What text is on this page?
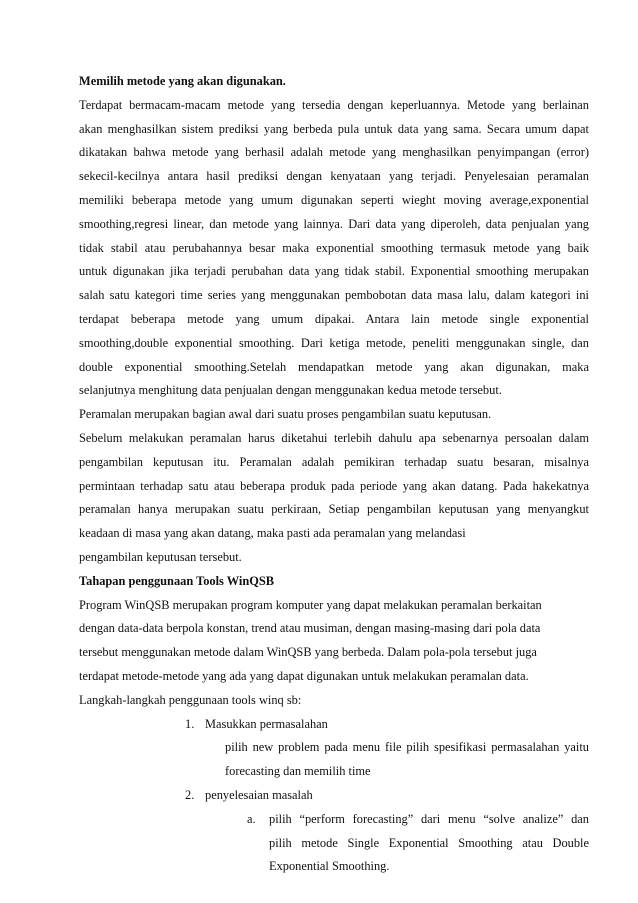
Memilih metode yang akan digunakan.
Terdapat bermacam-macam metode yang tersedia dengan keperluannya. Metode yang berlainan
akan menghasilkan sistem prediksi yang berbeda pula untuk data yang sama. Secara umum dapat
dikatakan bahwa metode yang berhasil adalah metode yang menghasilkan penyimpangan (error)
sekecil-kecilnya antara hasil prediksi dengan kenyataan yang terjadi. Penyelesaian peramalan
memiliki beberapa metode yang umum digunakan seperti wieght moving average,exponential
smoothing,regresi linear, dan metode yang lainnya. Dari data yang diperoleh, data penjualan yang
tidak stabil atau perubahannya besar maka exponential smoothing termasuk metode yang baik
untuk digunakan jika terjadi perubahan data yang tidak stabil. Exponential smoothing merupakan
salah satu kategori time series yang menggunakan pembobotan data masa lalu, dalam kategori ini
terdapat beberapa metode yang umum dipakai. Antara lain metode single exponential
smoothing,double exponential smoothing. Dari ketiga metode, peneliti menggunakan single, dan
double exponential smoothing.Setelah mendapatkan metode yang akan digunakan, maka
selanjutnya menghitung data penjualan dengan menggunakan kedua metode tersebut.
Peramalan merupakan bagian awal dari suatu proses pengambilan suatu keputusan.
Sebelum melakukan peramalan harus diketahui terlebih dahulu apa sebenarnya persoalan dalam
pengambilan keputusan itu. Peramalan adalah pemikiran terhadap suatu besaran, misalnya
permintaan terhadap satu atau beberapa produk pada periode yang akan datang. Pada hakekatnya
peramalan hanya merupakan suatu perkiraan, Setiap pengambilan keputusan yang menyangkut
keadaan di masa yang akan datang, maka pasti ada peramalan yang melandasi
pengambilan keputusan tersebut.
Tahapan penggunaan Tools WinQSB
Program WinQSB merupakan program komputer yang dapat melakukan peramalan berkaitan
dengan data-data berpola konstan, trend atau musiman, dengan masing-masing dari pola data
tersebut menggunakan metode dalam WinQSB yang berbeda. Dalam pola-pola tersebut juga
terdapat metode-metode yang ada yang dapat digunakan untuk melakukan peramalan data.
Langkah-langkah penggunaan tools winq sb:
1. Masukkan permasalahan
pilih new problem pada menu file pilih spesifikasi permasalahan yaitu
forecasting dan memilih time
2. penyelesaian masalah
a. pilih “perform forecasting” dari menu “solve analize” dan
pilih metode Single Exponential Smoothing atau Double
Exponential Smoothing.
